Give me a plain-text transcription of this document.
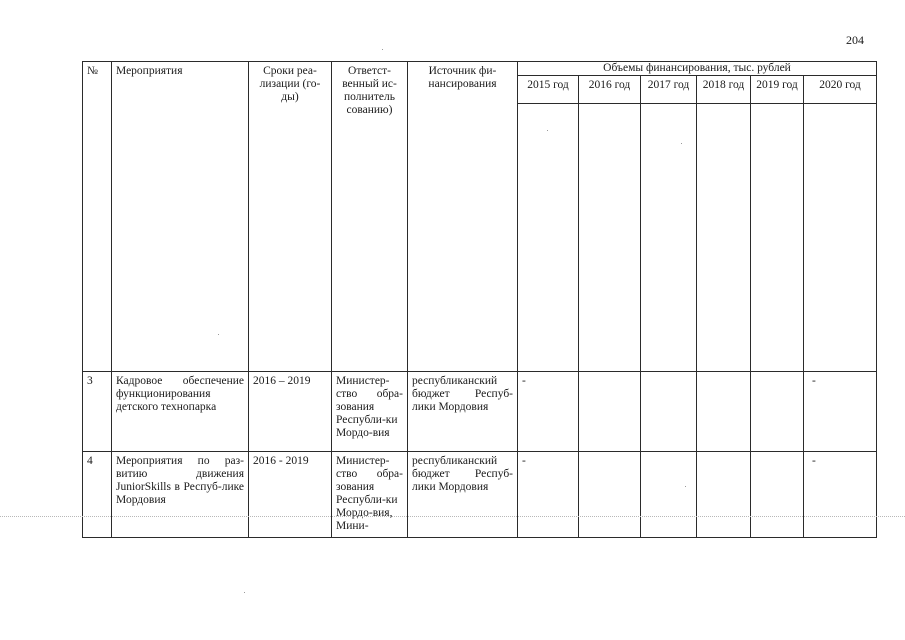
204
№	Мероприятия	Сроки реа-лизации (го-ды)	Ответст-венный ис-полнитель сованию)	Источник фи-нансирования	Объемы финансирования, тыс. рублей					
					2015 год	2016 год	2017 год	2018 год	2019 год	2020 год

3	Кадровое обеспечение функционирования детского технопарка	2016 – 2019	Министер-ство обра-зования Республи-ки Мордо-вия	республиканский бюджет Респуб-лики Мордовия	-					-
4	Мероприятия по раз-витию движения JuniorSkills в Респуб-лике Мордовия	2016 - 2019	Министер-ство обра-зования Республи-ки Мордо-вия, Мини-	республиканский бюджет Респуб-лики Мордовия	-					-
